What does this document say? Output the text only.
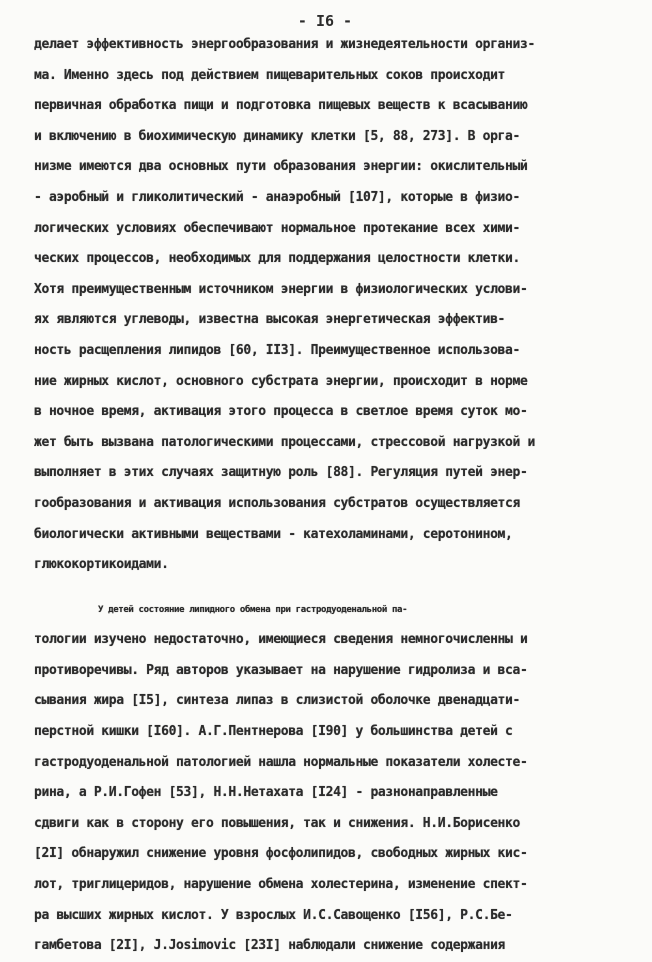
- I6 -
делает эффективность энергообразования и жизнедеятельности организ-
ма. Именно здесь под действием пищеварительных соков происходит
первичная обработка пищи и подготовка пищевых веществ к всасыванию
и включению в биохимическую динамику клетки [5, 88, 273]. В орга-
низме имеются два основных пути образования энергии: окислительный
- аэробный и гликолитический - анаэробный [107], которые в физио-
логических условиях обеспечивают нормальное протекание всех хими-
ческих процессов, необходимых для поддержания целостности клетки.
Хотя преимущественным источником энергии в физиологических услови-
ях являются углеводы, известна высокая энергетическая эффектив-
ность расщепления липидов [60, II3]. Преимущественное использова-
ние жирных кислот, основного субстрата энергии, происходит в норме
в ночное время, активация этого процесса в светлое время суток мо-
жет быть вызвана патологическими процессами, стрессовой нагрузкой и
выполняет в этих случаях защитную роль [88]. Регуляция путей энер-
гообразования и активация использования субстратов осуществляется
биологически активными веществами - катехоламинами, серотонином,
глюкокортикоидами.
У детей состояние липидного обмена при гастродуоденальной па-
тологии изучено недостаточно, имеющиеся сведения немногочисленны и
противоречивы. Ряд авторов указывает на нарушение гидролиза и вса-
сывания жира [I5], синтеза липаз в слизистой оболочке двенадцати-
перстной кишки [I60]. А.Г.Пентнерова [I90] у большинства детей с
гастродуоденальной патологией нашла нормальные показатели холесте-
рина, а Р.И.Гофен [53], Н.Н.Нетахата [I24] - разнонаправленные
сдвиги как в сторону его повышения, так и снижения. Н.И.Борисенко
[2I] обнаружил снижение уровня фосфолипидов, свободных жирных кис-
лот, триглицеридов, нарушение обмена холестерина, изменение спект-
ра высших жирных кислот. У взрослых И.С.Савощенко [I56], Р.С.Бе-
гамбетова [2I], J.Josimovic [23I] наблюдали снижение содержания
